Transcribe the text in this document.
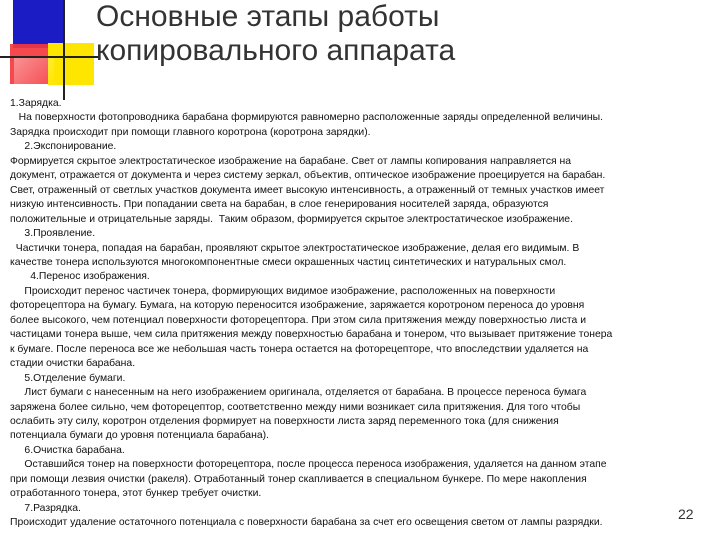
Основные этапы работы
копировального аппарата

1.Зарядка.

На поверхности фотопроводника барабана формируются равномерно расположенные заряды определенной величины.

Зарядка происходит при помощи главного коротрона (коротрона зарядки).

2.Экспонирование.

Формируется скрытое электростатическое изображение на барабане. Свет от лампы копирования направляется на

документ, отражается от документа и через систему зеркал, объектив, оптическое изображение проецируется на барабан.

Свет, отраженный от светлых участков документа имеет высокую интенсивность, а отраженный от темных участков имеет

низкую интенсивность. При попадании света на барабан, в слое генерирования носителей заряда, образуются

положительные и отрицательные заряды.  Таким образом, формируется скрытое электростатическое изображение.

3.Проявление.

Частички тонера, попадая на барабан, проявляют скрытое электростатическое изображение, делая его видимым. В

качестве тонера используются многокомпонентные смеси окрашенных частиц синтетических и натуральных смол.

4.Перенос изображения.

Происходит перенос частичек тонера, формирующих видимое изображение, расположенных на поверхности

фоторецептора на бумагу. Бумага, на которую переносится изображение, заряжается коротроном переноса до уровня

более высокого, чем потенциал поверхности фоторецептора. При этом сила притяжения между поверхностью листа и

частицами тонера выше, чем сила притяжения между поверхностью барабана и тонером, что вызывает притяжение тонера

к бумаге. После переноса все же небольшая часть тонера остается на фоторецепторе, что впоследствии удаляется на

стадии очистки барабана.

5.Отделение бумаги.

Лист бумаги с нанесенным на него изображением оригинала, отделяется от барабана. В процессе переноса бумага

заряжена более сильно, чем фоторецептор, соответственно между ними возникает сила притяжения. Для того чтобы

ослабить эту силу, коротрон отделения формирует на поверхности листа заряд переменного тока (для снижения

потенциала бумаги до уровня потенциала барабана).

6.Очистка барабана.

Оставшийся тонер на поверхности фоторецептора, после процесса переноса изображения, удаляется на данном этапе

при помощи лезвия очистки (ракеля). Отработанный тонер скапливается в специальном бункере. По мере накопления

отработанного тонера, этот бункер требует очистки.

7.Разрядка.

Происходит удаление остаточного потенциала с поверхности барабана за счет его освещения светом от лампы разрядки.

22
